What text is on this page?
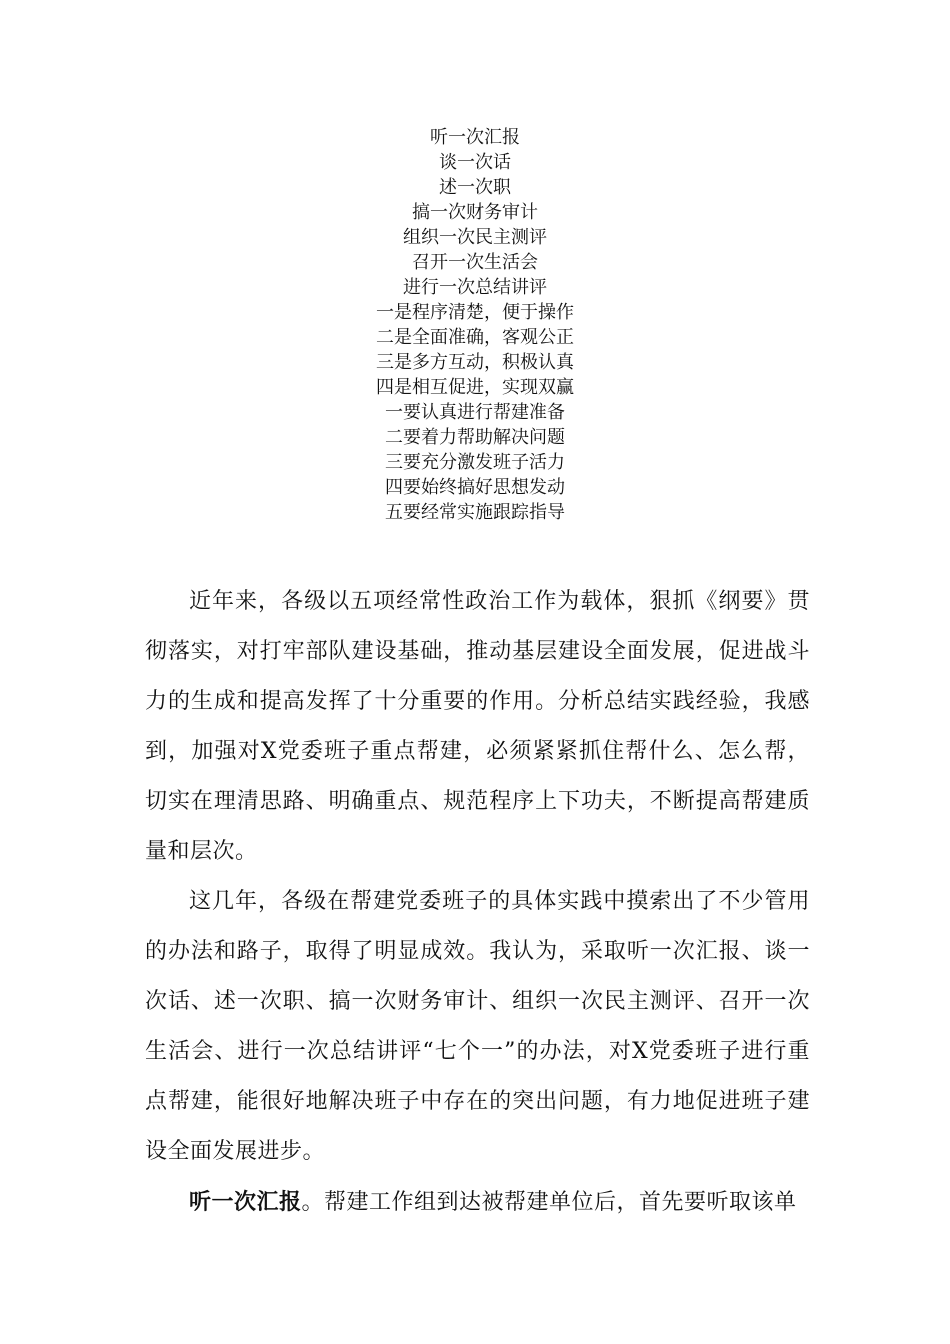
听一次汇报
谈一次话
述一次职
搞一次财务审计
组织一次民主测评
召开一次生活会
进行一次总结讲评
一是程序清楚，便于操作
二是全面准确，客观公正
三是多方互动，积极认真
四是相互促进，实现双赢
一要认真进行帮建准备
二要着力帮助解决问题
三要充分激发班子活力
四要始终搞好思想发动
五要经常实施跟踪指导

近年来，各级以五项经常性政治工作为载体，狠抓《纲要》贯彻落实，对打牢部队建设基础，推动基层建设全面发展，促进战斗力的生成和提高发挥了十分重要的作用。分析总结实践经验，我感到，加强对X党委班子重点帮建，必须紧紧抓住帮什么、怎么帮，切实在理清思路、明确重点、规范程序上下功夫，不断提高帮建质量和层次。

这几年，各级在帮建党委班子的具体实践中摸索出了不少管用的办法和路子，取得了明显成效。我认为，采取听一次汇报、谈一次话、述一次职、搞一次财务审计、组织一次民主测评、召开一次生活会、进行一次总结讲评“七个一”的办法，对X党委班子进行重点帮建，能很好地解决班子中存在的突出问题，有力地促进班子建设全面发展进步。

听一次汇报。帮建工作组到达被帮建单位后，首先要听取该单
